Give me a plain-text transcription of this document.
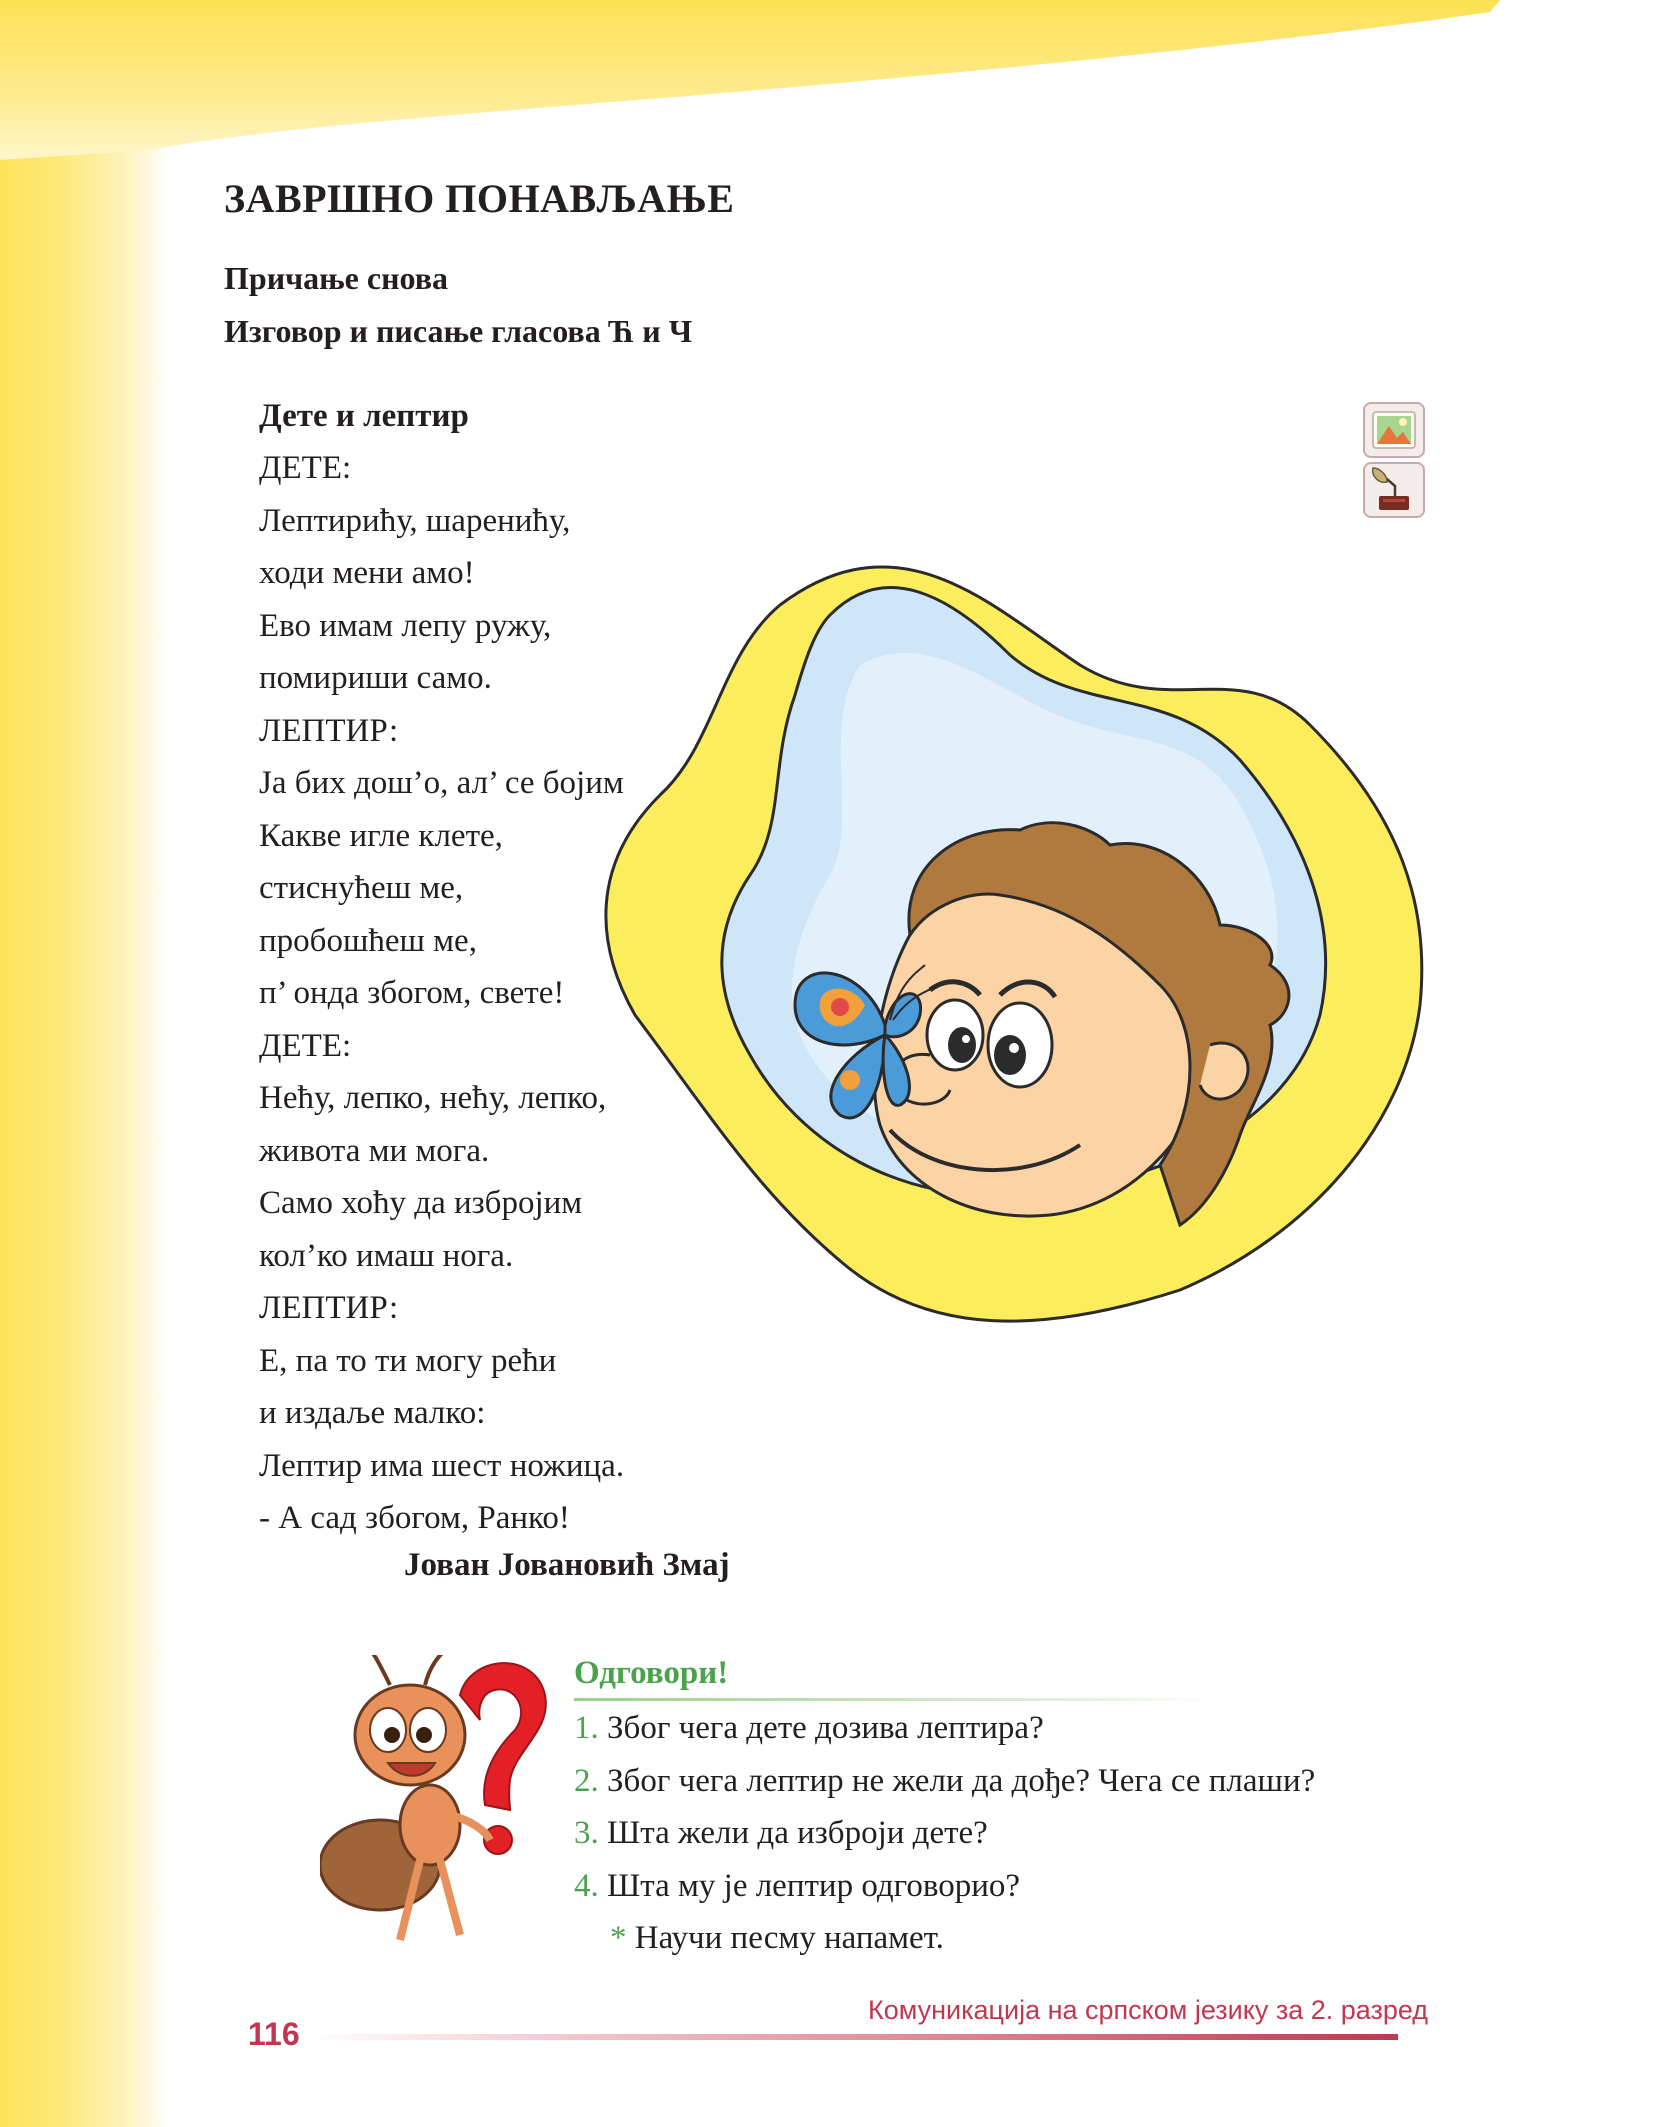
ЗАВРШНО ПОНАВЉАЊЕ
Причање снова
Изговор и писање гласова Ћ и Ч
Дете и лептир
ДЕТЕ:
Лептирићу, шаренићу,
ходи мени амо!
Ево имам лепу ружу,
помириши само.
ЛЕПТИР:
Ја бих дош’о, ал’ се бојим
Какве игле клете,
стиснућеш ме,
пробошћеш ме,
п’ онда збогом, свете!
ДЕТЕ:
Нећу, лепко, нећу, лепко,
живота ми мога.
Само хоћу да избројим
кол’ко имаш нога.
ЛЕПТИР:
Е, па то ти могу рећи
и издаље малко:
Лептир има шест ножица.
- А сад збогом, Ранко!
Јован Јовановић Змај
Одговори!
1. Због чега дете дозива лептира?
2. Због чега лептир не жели да дође? Чега се плаши?
3. Шта жели да изброји дете?
4. Шта му је лептир одговорио?
* Научи песму напамет.
Комуникација на српском језику за 2. разред
116
